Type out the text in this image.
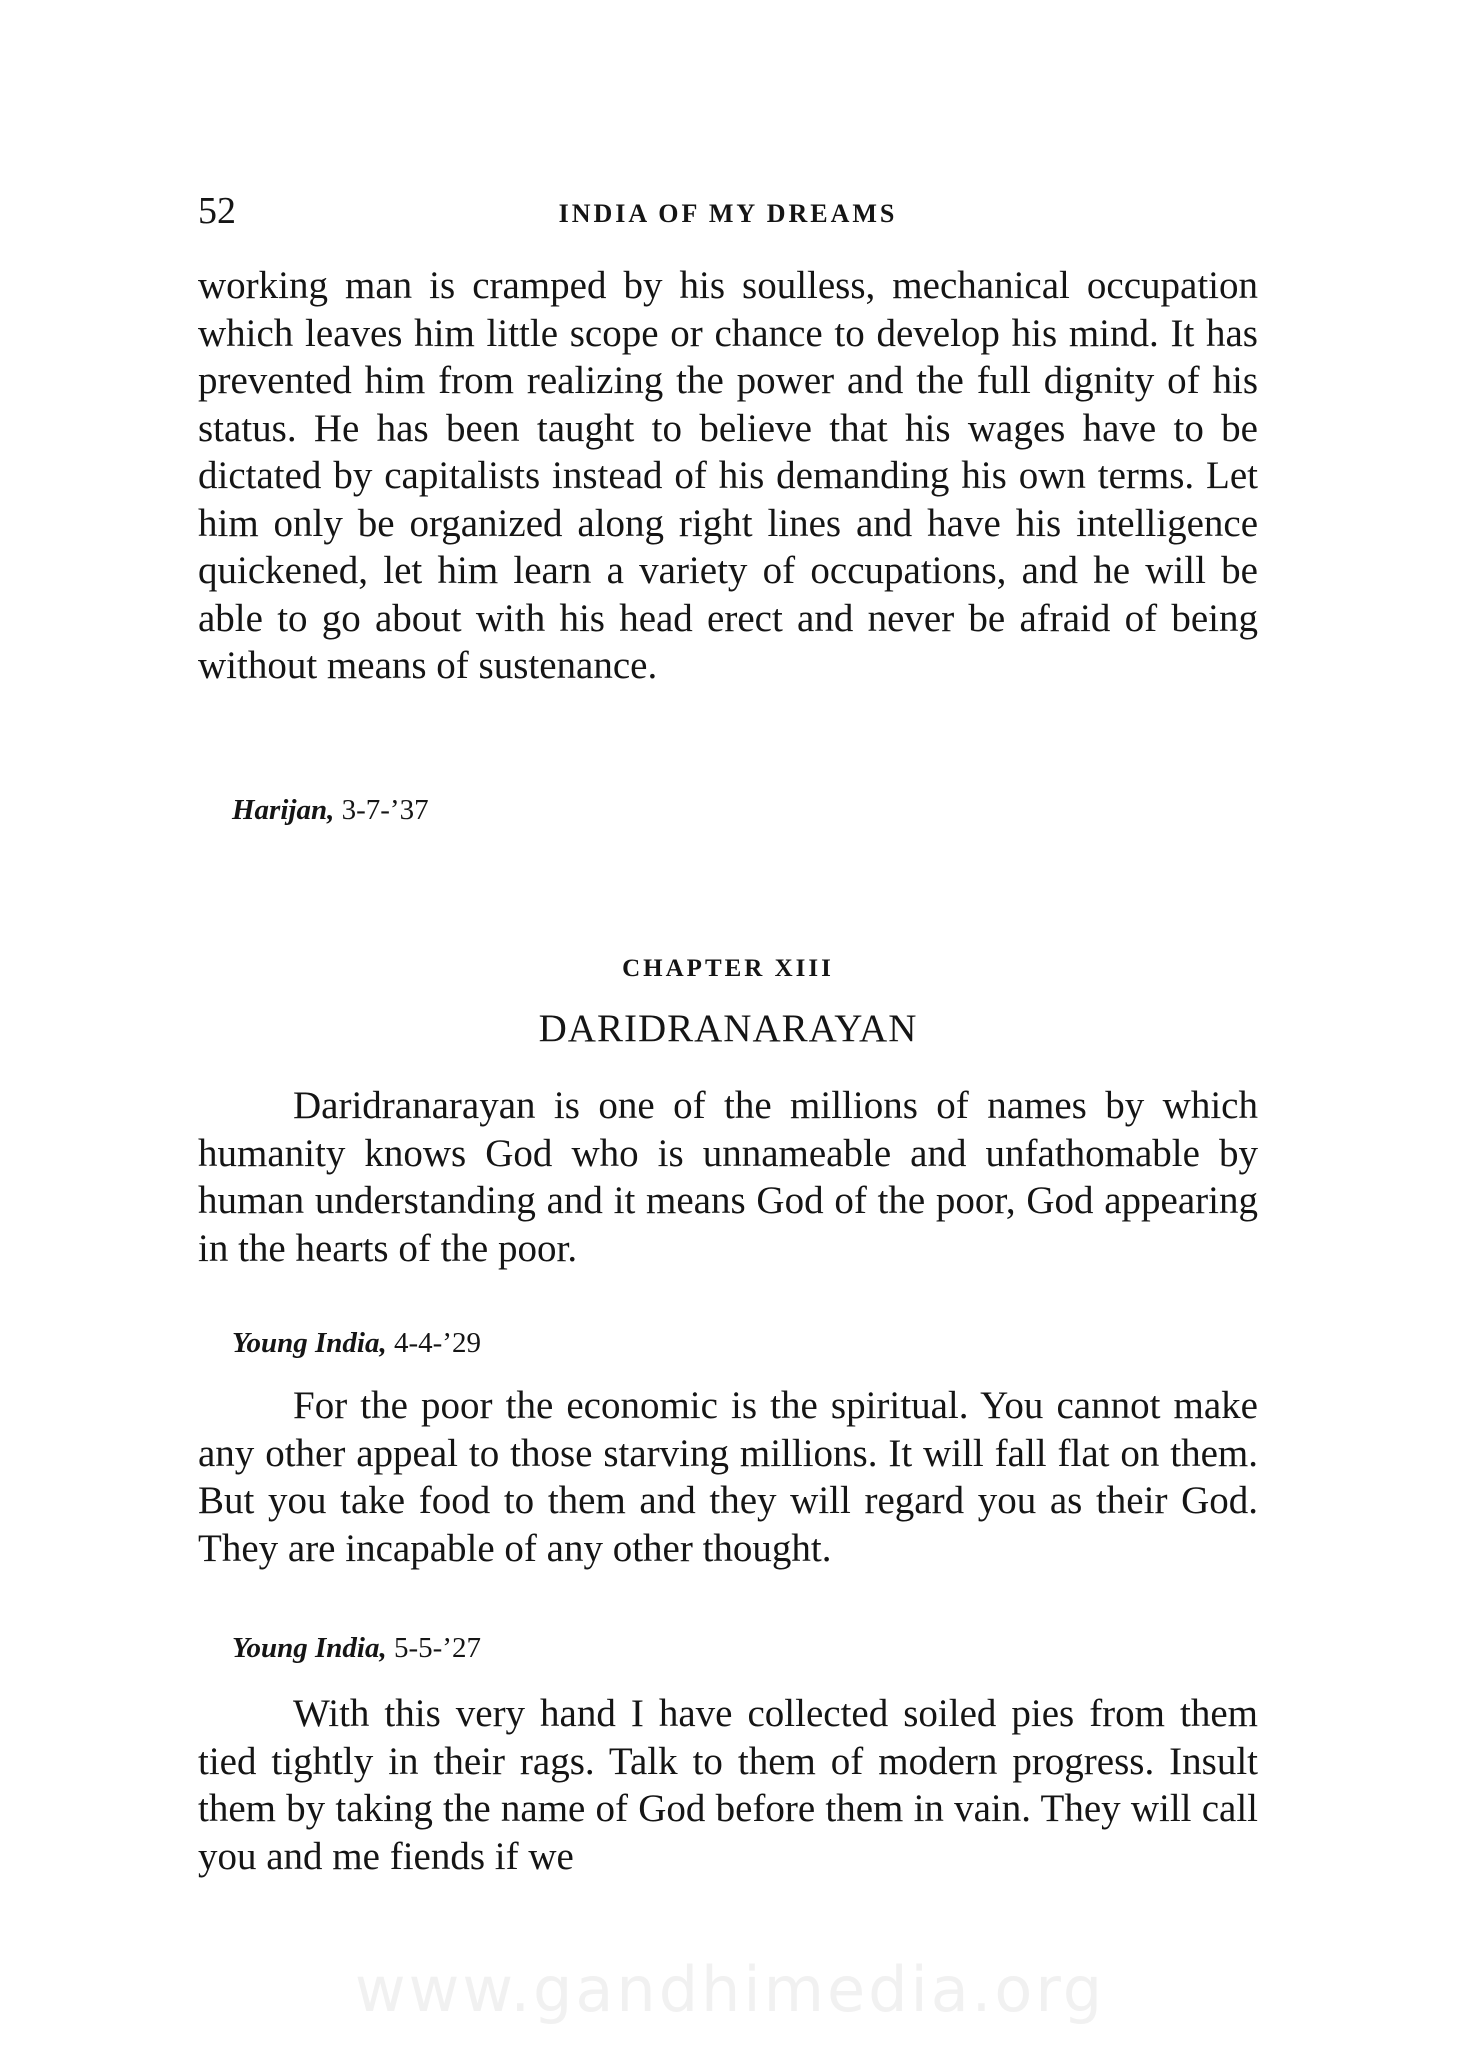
52	INDIA OF MY DREAMS

working man is cramped by his soulless, mechanical occupation which leaves him little scope or chance to develop his mind. It has prevented him from realizing the power and the full dignity of his status. He has been taught to believe that his wages have to be dictated by capitalists instead of his demanding his own terms. Let him only be organized along right lines and have his intelligence quickened, let him learn a variety of occupations, and he will be able to go about with his head erect and never be afraid of being without means of sustenance.

Harijan, 3-7-’37
CHAPTER XIII
DARIDRANARAYAN

Daridranarayan is one of the millions of names by which humanity knows God who is unnameable and unfathomable by human understanding and it means God of the poor, God appearing in the hearts of the poor.

Young India, 4-4-’29

For the poor the economic is the spiritual. You cannot make any other appeal to those starving millions. It will fall flat on them. But you take food to them and they will regard you as their God. They are incapable of any other thought.

Young India, 5-5-’27

With this very hand I have collected soiled pies from them tied tightly in their rags. Talk to them of modern progress. Insult them by taking the name of God before them in vain. They will call you and me fiends if we

www.gandhimedia.org
